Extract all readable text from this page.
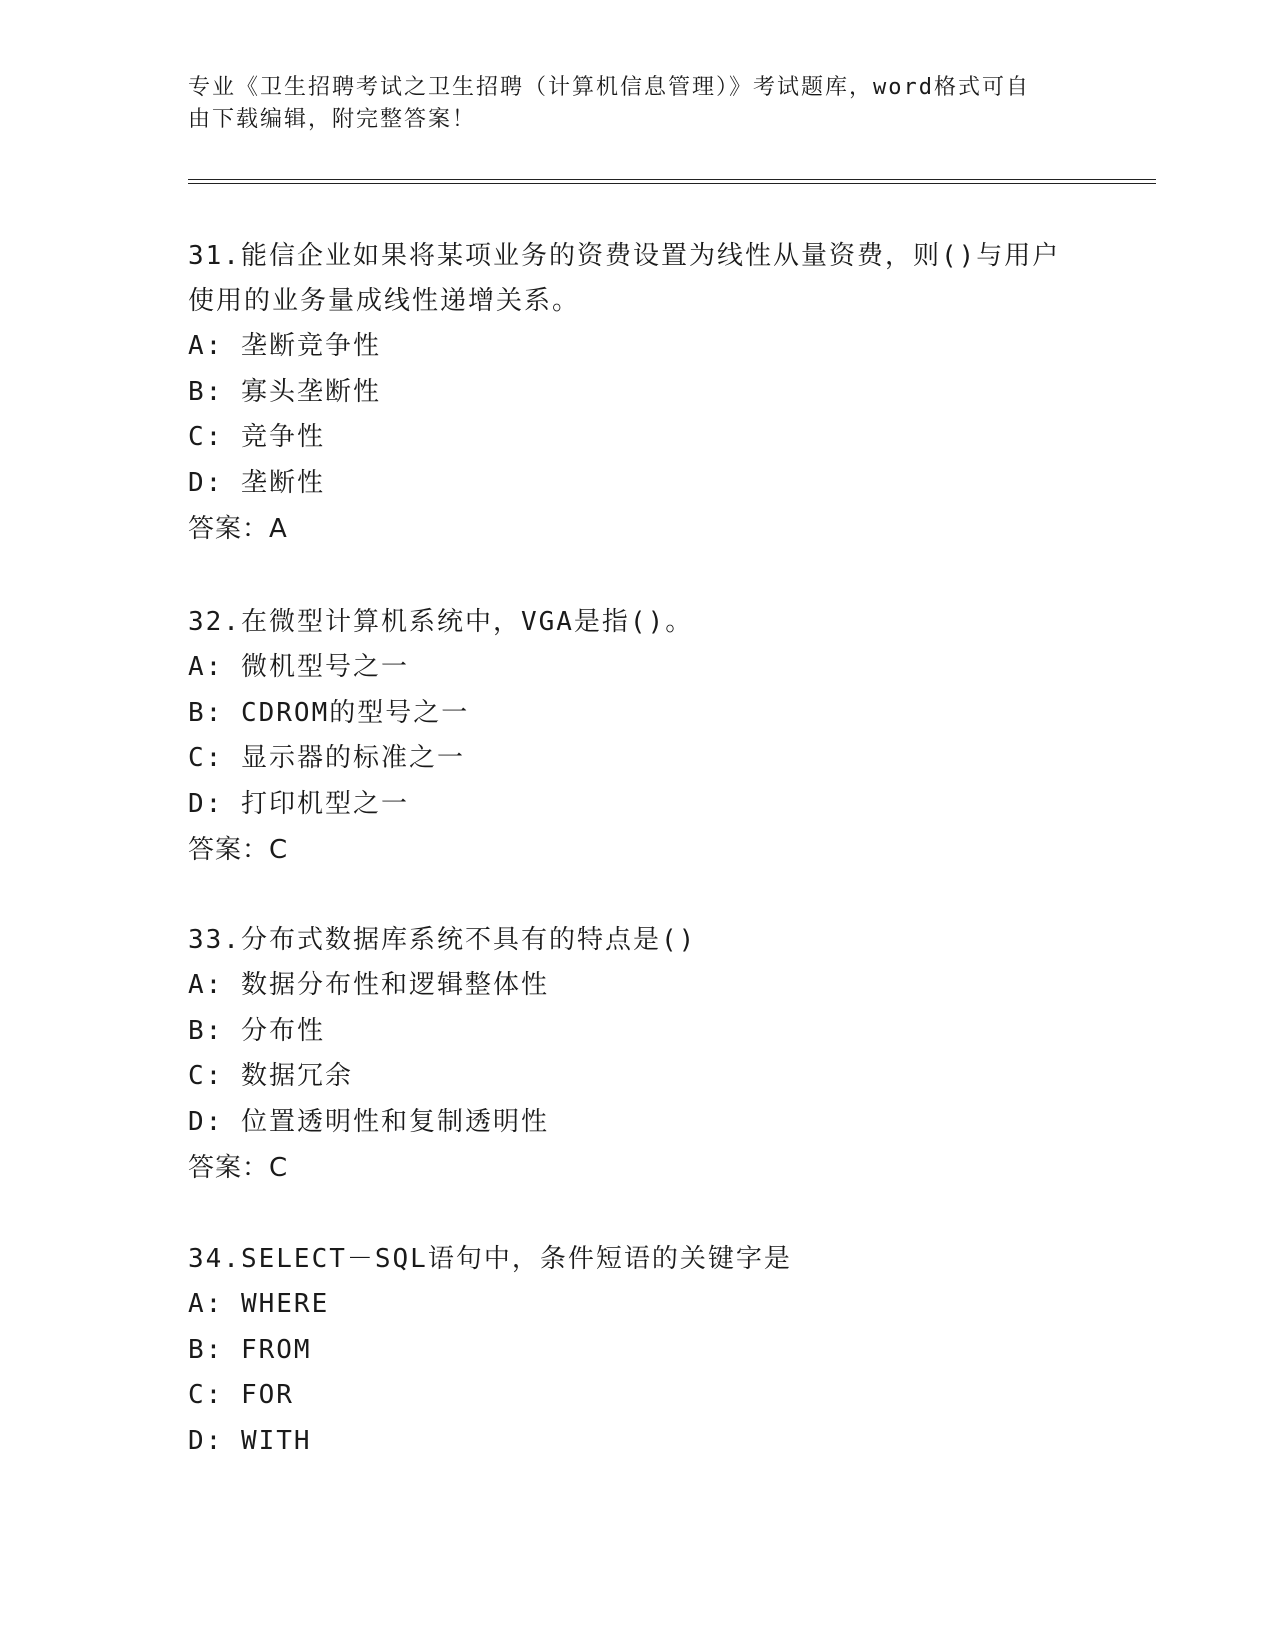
专业《卫生招聘考试之卫生招聘（计算机信息管理）》考试题库，word格式可自
由下载编辑，附完整答案！
31.能信企业如果将某项业务的资费设置为线性从量资费，则()与用户
使用的业务量成线性递增关系。
A: 垄断竞争性
B: 寡头垄断性
C: 竞争性
D: 垄断性
答案：A
32.在微型计算机系统中，VGA是指()。
A: 微机型号之一
B: CDROM的型号之一
C: 显示器的标准之一
D: 打印机型之一
答案：C
33.分布式数据库系统不具有的特点是()
A: 数据分布性和逻辑整体性
B: 分布性
C: 数据冗余
D: 位置透明性和复制透明性
答案：C
34.SELECT－SQL语句中，条件短语的关键字是
A: WHERE
B: FROM
C: FOR
D: WITH
